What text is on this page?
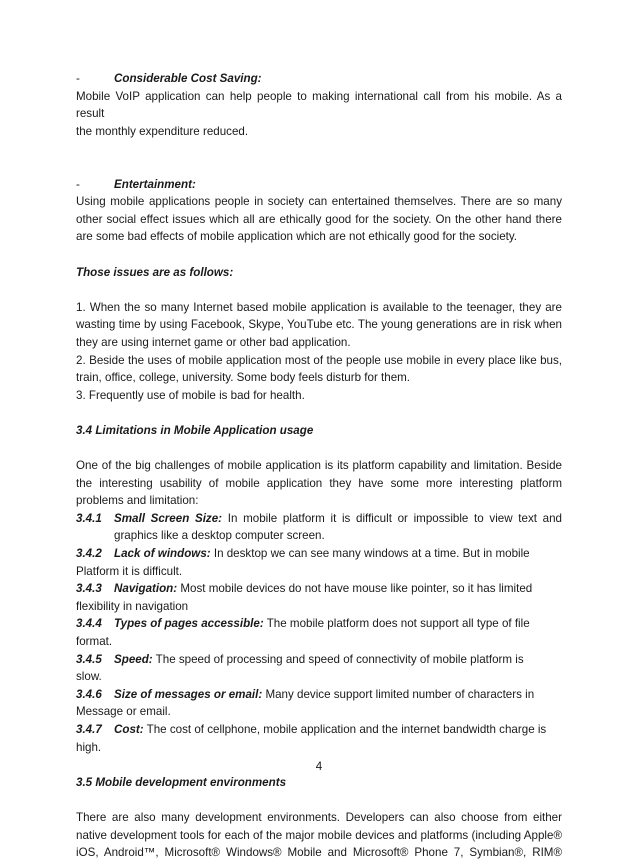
-	Considerable Cost Saving:
Mobile VoIP application can help people to making international call from his mobile. As a result
the monthly expenditure reduced.
-	Entertainment:
Using mobile applications people in society can entertained themselves. There are so many
other social effect issues which all are ethically good for the society. On the other hand there
are some bad effects of mobile application which are not ethically good for the society.
Those issues are as follows:
1. When the so many Internet based mobile application is available to the teenager, they are
wasting time by using Facebook, Skype, YouTube etc. The young generations are in risk when
they are using internet game or other bad application.
2. Beside the uses of mobile application most of the people use mobile in every place like bus,
train, office, college, university. Some body feels disturb for them.
3. Frequently use of mobile is bad for health.
3.4 Limitations in Mobile Application usage
One of the big challenges of mobile application is its platform capability and limitation. Beside
the interesting usability of mobile application they have some more interesting platform
problems and limitation:
3.4.1 Small Screen Size: In mobile platform it is difficult or impossible to view text and
graphics like a desktop computer screen.
3.4.2 Lack of windows: In desktop we can see many windows at a time. But in mobile
Platform it is difficult.
3.4.3 Navigation: Most mobile devices do not have mouse like pointer, so it has limited
flexibility in navigation
3.4.4 Types of pages accessible: The mobile platform does not support all type of file
format.
3.4.5 Speed: The speed of processing and speed of connectivity of mobile platform is
slow.
3.4.6 Size of messages or email: Many device support limited number of characters in
Message or email.
3.4.7 Cost: The cost of cellphone, mobile application and the internet bandwidth charge is
high.
3.5 Mobile development environments
There are also many development environments. Developers can also choose from either
native development tools for each of the major mobile devices and platforms (including Apple®
iOS, Android™, Microsoft® Windows® Mobile and Microsoft® Phone 7, Symbian®, RIM®
4
